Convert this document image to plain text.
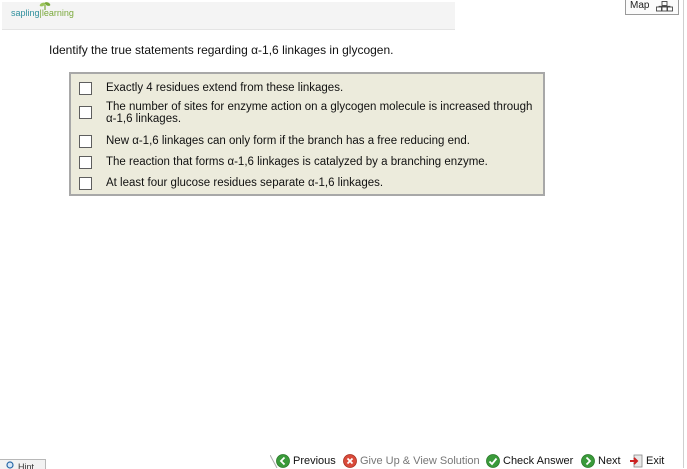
sapling|learning
Map
Identify the true statements regarding α-1,6 linkages in glycogen.
Exactly 4 residues extend from these linkages.
The number of sites for enzyme action on a glycogen molecule is increased through α-1,6 linkages.
New α-1,6 linkages can only form if the branch has a free reducing end.
The reaction that forms α-1,6 linkages is catalyzed by a branching enzyme.
At least four glucose residues separate α-1,6 linkages.
Hint	Previous Give Up & View Solution Check Answer Next Exit
